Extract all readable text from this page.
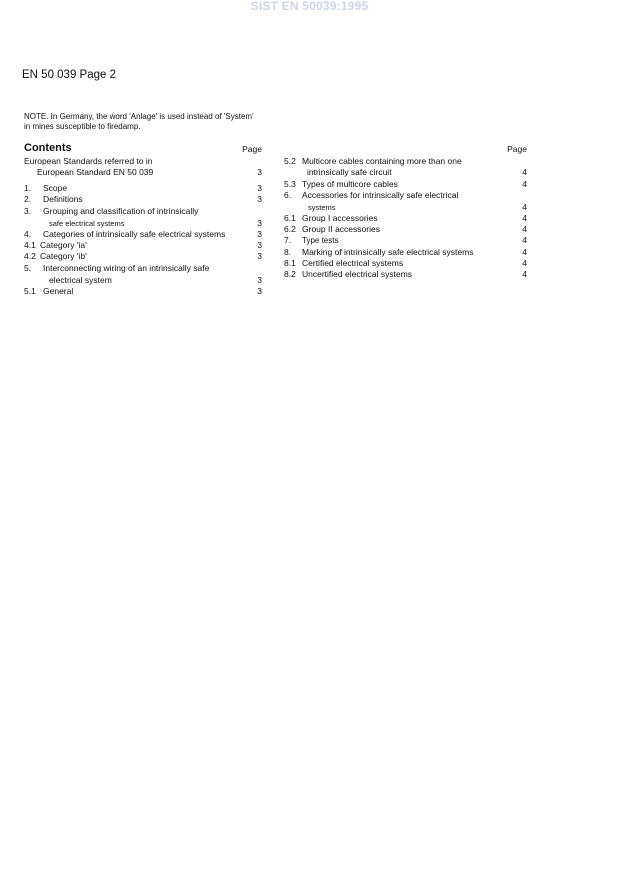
SIST EN 50039:1995
EN 50 039 Page 2
NOTE. In Germany, the word 'Anlage' is used instead of 'System'
in mines susceptible to firedamp.
Contents	Page
European Standards referred to in
European Standard EN 50 039	3
1. Scope	3
2. Definitions	3
3. Grouping and classification of intrinsically
safe electrical systems	3
4. Categories of intrinsically safe electrical systems	3
4.1 Category 'ia'	3
4.2 Category 'ib'	3
5. Interconnecting wiring of an intrinsically safe
electrical system	3
5.1 General	3
Page
5.2 Multicore cables containing more than one
intrinsically safe circuit	4
5.3 Types of multicore cables	4
6. Accessories for intrinsically safe electrical
systems	4
6.1 Group I accessories	4
6.2 Group II accessories	4
7. Type tests	4
8. Marking of intrinsically safe electrical systems	4
8.1 Certified electrical systems	4
8.2 Uncertified electrical systems	4
